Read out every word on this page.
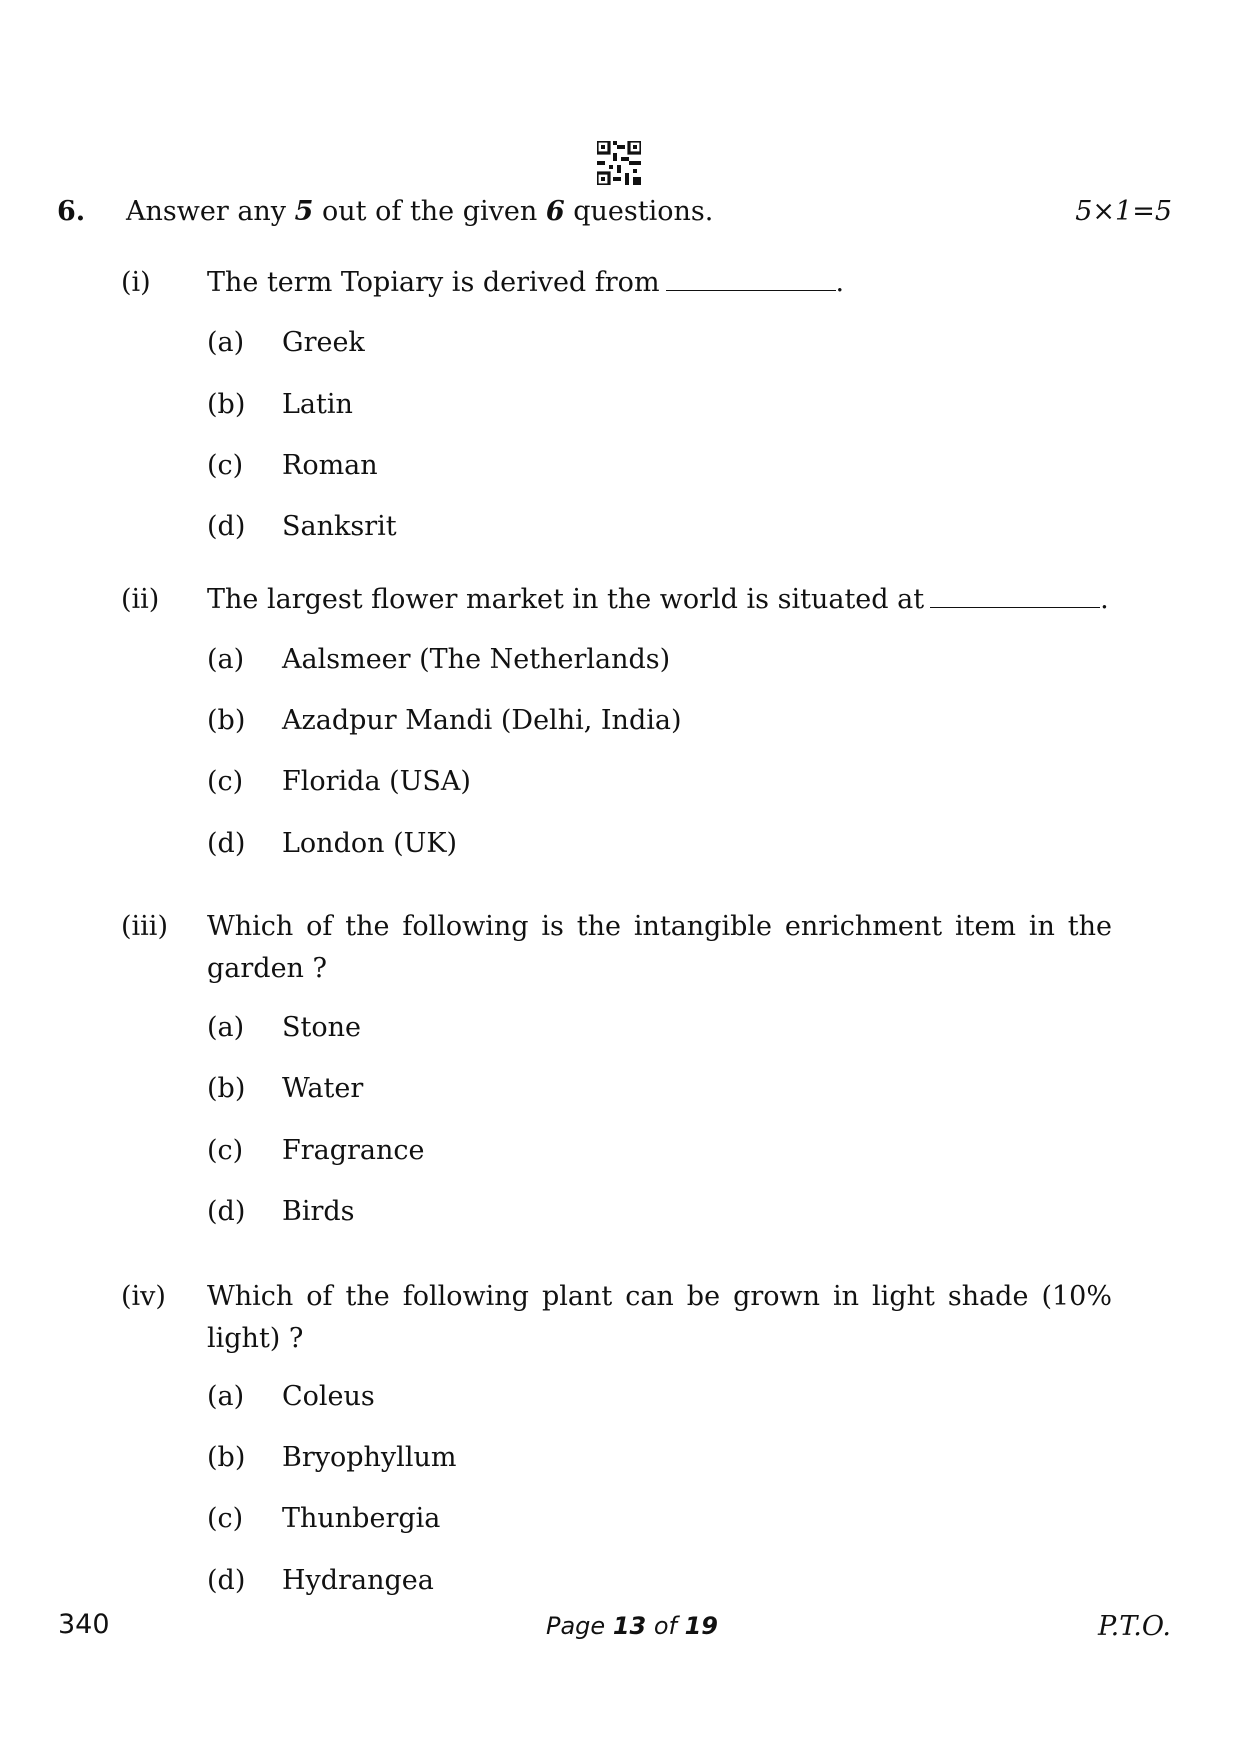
6. Answer any 5 out of the given 6 questions.	5×1=5
(i) The term Topiary is derived from	.
(a) Greek
(b) Latin
(c) Roman
(d) Sanksrit
(ii) The largest flower market in the world is situated at	.
(a) Aalsmeer (The Netherlands)
(b) Azadpur Mandi (Delhi, India)
(c) Florida (USA)
(d) London (UK)
(iii) Which of the following is the intangible enrichment item in the garden ?
(a) Stone
(b) Water
(c) Fragrance
(d) Birds
(iv) Which of the following plant can be grown in light shade (10% light) ?
(a) Coleus
(b) Bryophyllum
(c) Thunbergia
(d) Hydrangea
340	Page 13 of 19	P.T.O.
